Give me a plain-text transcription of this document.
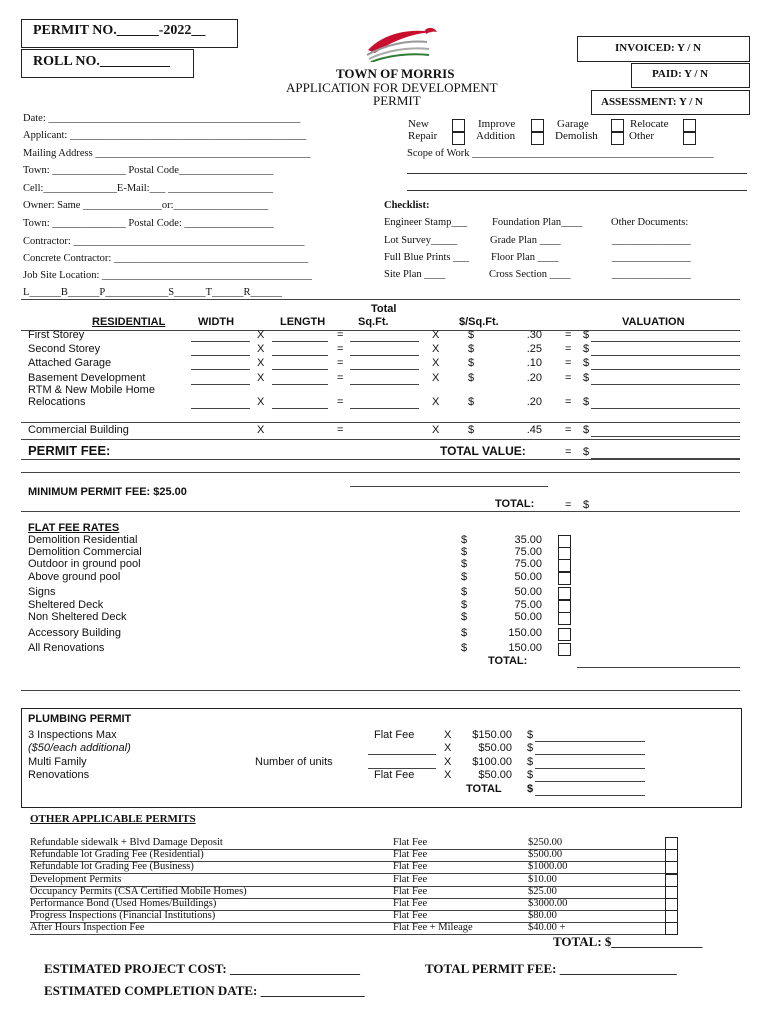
PERMIT NO.______-2022__
ROLL NO.__________
INVOICED: Y / N
PAID: Y / N
ASSESSMENT: Y / N
TOWN OF MORRIS
APPLICATION FOR DEVELOPMENT
PERMIT
Date: ________________________________________________
Applicant: _____________________________________________
Mailing Address _________________________________________
Town: ______________ Postal Code__________________
Cell:______________E-Mail:___ ____________________
Owner: Same _______________or:__________________
Town: ______________ Postal Code: _________________
Contractor: ____________________________________________
Concrete Contractor: _____________________________________
Job Site Location: ________________________________________
L______B______P____________S______T______R______
New
Repair
Improve
Addition
Garage
Demolish
Relocate
Other
Scope of Work ______________________________________________
Checklist:
Engineer Stamp___ Foundation Plan____	Other Documents:
Lot Survey_____	Grade Plan ____	_______________
Full Blue Prints ___ Floor Plan ____	_______________
Site Plan ____	Cross Section ____	_______________
Total
RESIDENTIAL	WIDTH	LENGTH	Sq.Ft.	$/Sq.Ft.	VALUATION
First Storey	X	=	X	$	.30 = $
Second Storey	X	=	X	$	.25 = $
Attached Garage	X	=	X	$	.10 = $
Basement Development	X	=	X	$	.20 = $
RTM & New Mobile Home
Relocations	X	=	X	$	.20 = $
Commercial Building	X	=	X	$	.45 = $
PERMIT FEE:	TOTAL VALUE:	= $
MINIMUM PERMIT FEE: $25.00
TOTAL:	= $
FLAT FEE RATES
Demolition Residential	$	35.00
Demolition Commercial	$	75.00
Outdoor in ground pool	$	75.00
Above ground pool	$	50.00
Signs	$	50.00
Sheltered Deck	$	75.00
Non Sheltered Deck	$	50.00
Accessory Building	$	150.00
All Renovations	$	150.00
TOTAL:
PLUMBING PERMIT
3 Inspections Max	Flat Fee	X	$150.00 $
($50/each additional)	X	$50.00 $
Multi Family	Number of units	X	$100.00 $
Renovations	Flat Fee	X	$50.00 $
TOTAL $
OTHER APPLICABLE PERMITS
Refundable sidewalk + Blvd Damage Deposit	Flat Fee	$250.00
Refundable lot Grading Fee (Residential)	Flat Fee	$500.00
Refundable lot Grading Fee (Business)	Flat Fee	$1000.00
Development Permits	Flat Fee	$10.00
Occupancy Permits (CSA Certified Mobile Homes)	Flat Fee	$25.00
Performance Bond (Used Homes/Buildings)	Flat Fee	$3000.00
Progress Inspections (Financial Institutions)	Flat Fee	$80.00
After Hours Inspection Fee	Flat Fee + Mileage	$40.00 +
TOTAL: $______________
ESTIMATED PROJECT COST: ____________________	TOTAL PERMIT FEE: __________________
ESTIMATED COMPLETION DATE: ________________
